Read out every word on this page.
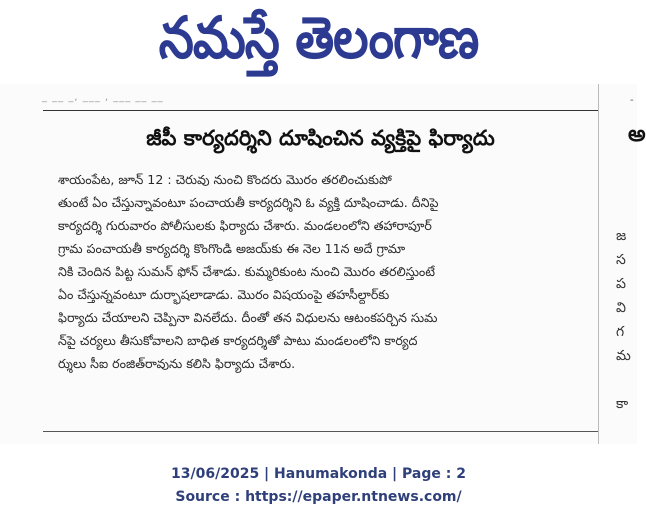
నమస్తే తెలంగాణ
_ __ _, ___ , ___ __ __
జీపీ కార్యదర్శిని దూషించిన వ్యక్తిపై ఫిర్యాదు
శాయంపేట, జూన్ 12 : చెరువు నుంచి కొందరు మొరం తరలించుకుపో
తుంటే ఏం చేస్తున్నావంటూ పంచాయతీ కార్యదర్శిని ఓ వ్యక్తి దూషించాడు. దీనిపై
కార్యదర్శి గురువారం పోలీసులకు ఫిర్యాదు చేశారు. మండలంలోని తహారాపూర్
గ్రామ పంచాయతీ కార్యదర్శి కొంగొండి అజయ్‌కు ఈ నెల 11న అదే గ్రామా
నికి చెందిన పిట్ట సుమన్ ఫోన్ చేశాడు. కుమ్మరికుంట నుంచి మొరం తరలిస్తుంటే
ఏం చేస్తున్నవంటూ దుర్భాషలాడాడు. మొరం విషయంపై తహసీల్దార్‌కు
ఫిర్యాదు చేయాలని చెప్పినా వినలేదు. దీంతో తన విధులను ఆటంకపర్చిన సుమ
న్‌పై చర్యలు తీసుకోవాలని బాధిత కార్యదర్శితో పాటు మండలంలోని కార్యద
ర్శులు సీఐ రంజిత్‌రావును కలిసి ఫిర్యాదు చేశారు.
-
అ
జ
స
ప
వి
గ
మ
కా
13/06/2025 | Hanumakonda | Page : 2
Source : https://epaper.ntnews.com/
